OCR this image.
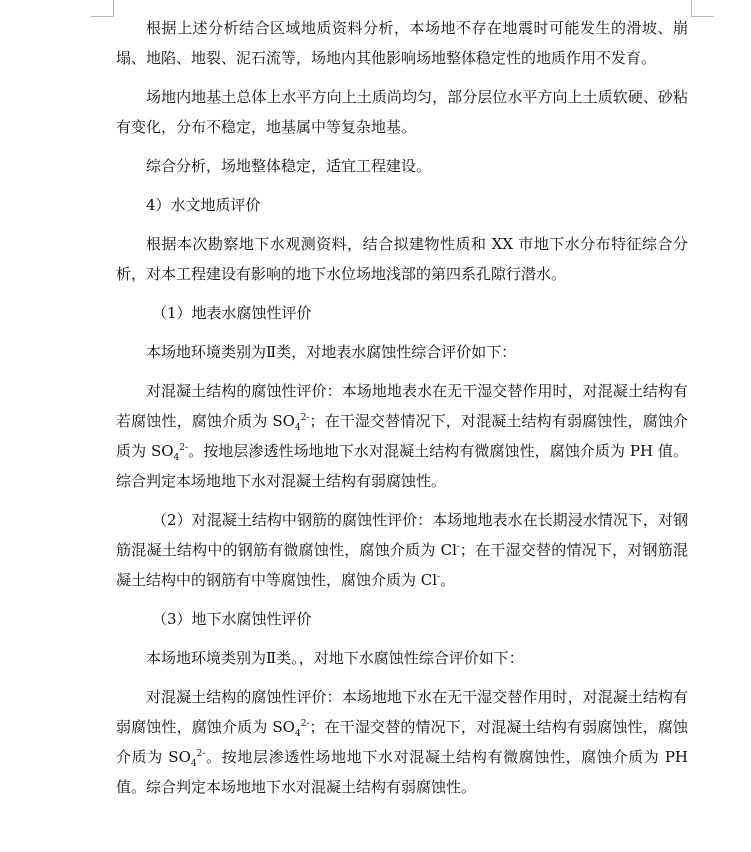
根据上述分析结合区域地质资料分析，本场地不存在地震时可能发生的滑坡、崩塌、地陷、地裂、泥石流等，场地内其他影响场地整体稳定性的地质作用不发育。

场地内地基土总体上水平方向上土质尚均匀，部分层位水平方向上土质软硬、砂粘有变化，分布不稳定，地基属中等复杂地基。

综合分析，场地整体稳定，适宜工程建设。

4）水文地质评价

根据本次勘察地下水观测资料，结合拟建物性质和 XX 市地下水分布特征综合分析，对本工程建设有影响的地下水位场地浅部的第四系孔隙行潜水。

（1）地表水腐蚀性评价

本场地环境类别为Ⅱ类，对地表水腐蚀性综合评价如下：

对混凝土结构的腐蚀性评价：本场地地表水在无干湿交替作用时，对混凝土结构有若腐蚀性，腐蚀介质为 $SO_4^{2-}$；在干湿交替情况下，对混凝土结构有弱腐蚀性，腐蚀介质为 $SO_4^{2-}$。按地层渗透性场地地下水对混凝土结构有微腐蚀性，腐蚀介质为 PH 值。综合判定本场地地下水对混凝土结构有弱腐蚀性。

（2）对混凝土结构中钢筋的腐蚀性评价：本场地地表水在长期浸水情况下，对钢筋混凝土结构中的钢筋有微腐蚀性，腐蚀介质为 Cl-；在干湿交替的情况下，对钢筋混凝土结构中的钢筋有中等腐蚀性，腐蚀介质为 Cl-。

（3）地下水腐蚀性评价

本场地环境类别为Ⅱ类。，对地下水腐蚀性综合评价如下：

对混凝土结构的腐蚀性评价：本场地地下水在无干湿交替作用时，对混凝土结构有弱腐蚀性，腐蚀介质为 $SO_4^{2-}$；在干湿交替的情况下，对混凝土结构有弱腐蚀性，腐蚀介质为 $SO_4^{2-}$。按地层渗透性场地地下水对混凝土结构有微腐蚀性，腐蚀介质为 PH 值。综合判定本场地地下水对混凝土结构有弱腐蚀性。
